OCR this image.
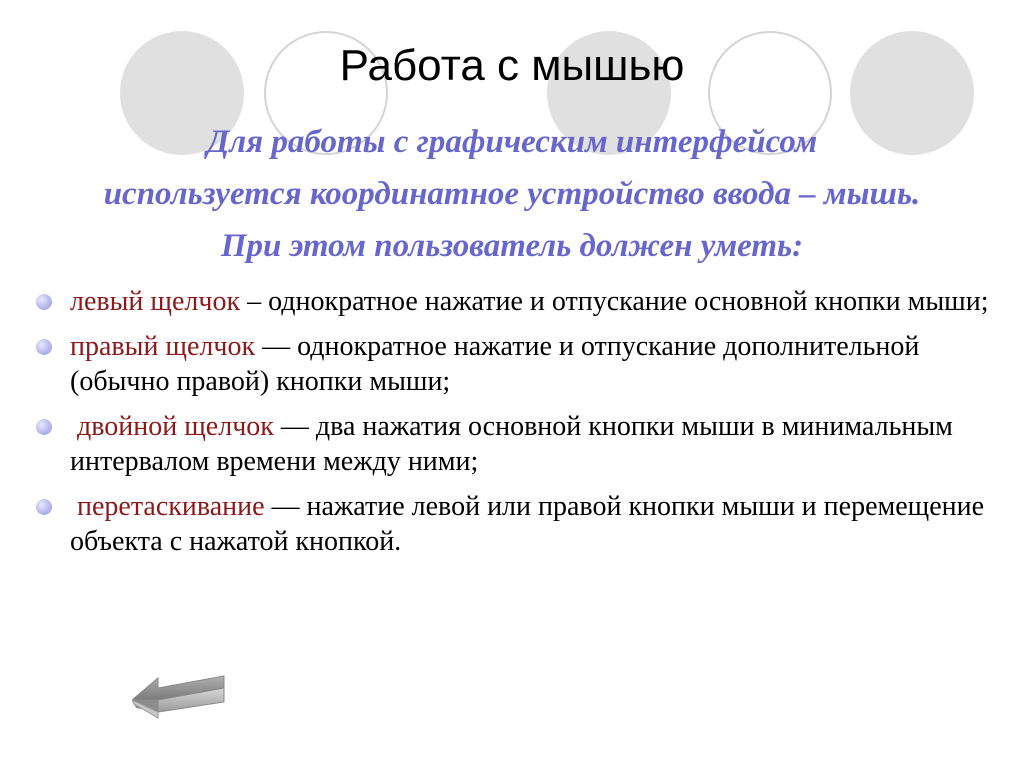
Работа с мышью

Для работы с графическим интерфейсом
используется координатное устройство ввода – мышь.
При этом пользователь должен уметь:

левый щелчок – однократное нажатие и отпускание основной кнопки мыши;
правый щелчок — однократное нажатие и отпускание дополнительной (обычно правой) кнопки мыши;
двойной щелчок — два нажатия основной кнопки мыши в минимальным интервалом времени между ними;
перетаскивание — нажатие левой или правой кнопки мыши и перемещение объекта с нажатой кнопкой.
